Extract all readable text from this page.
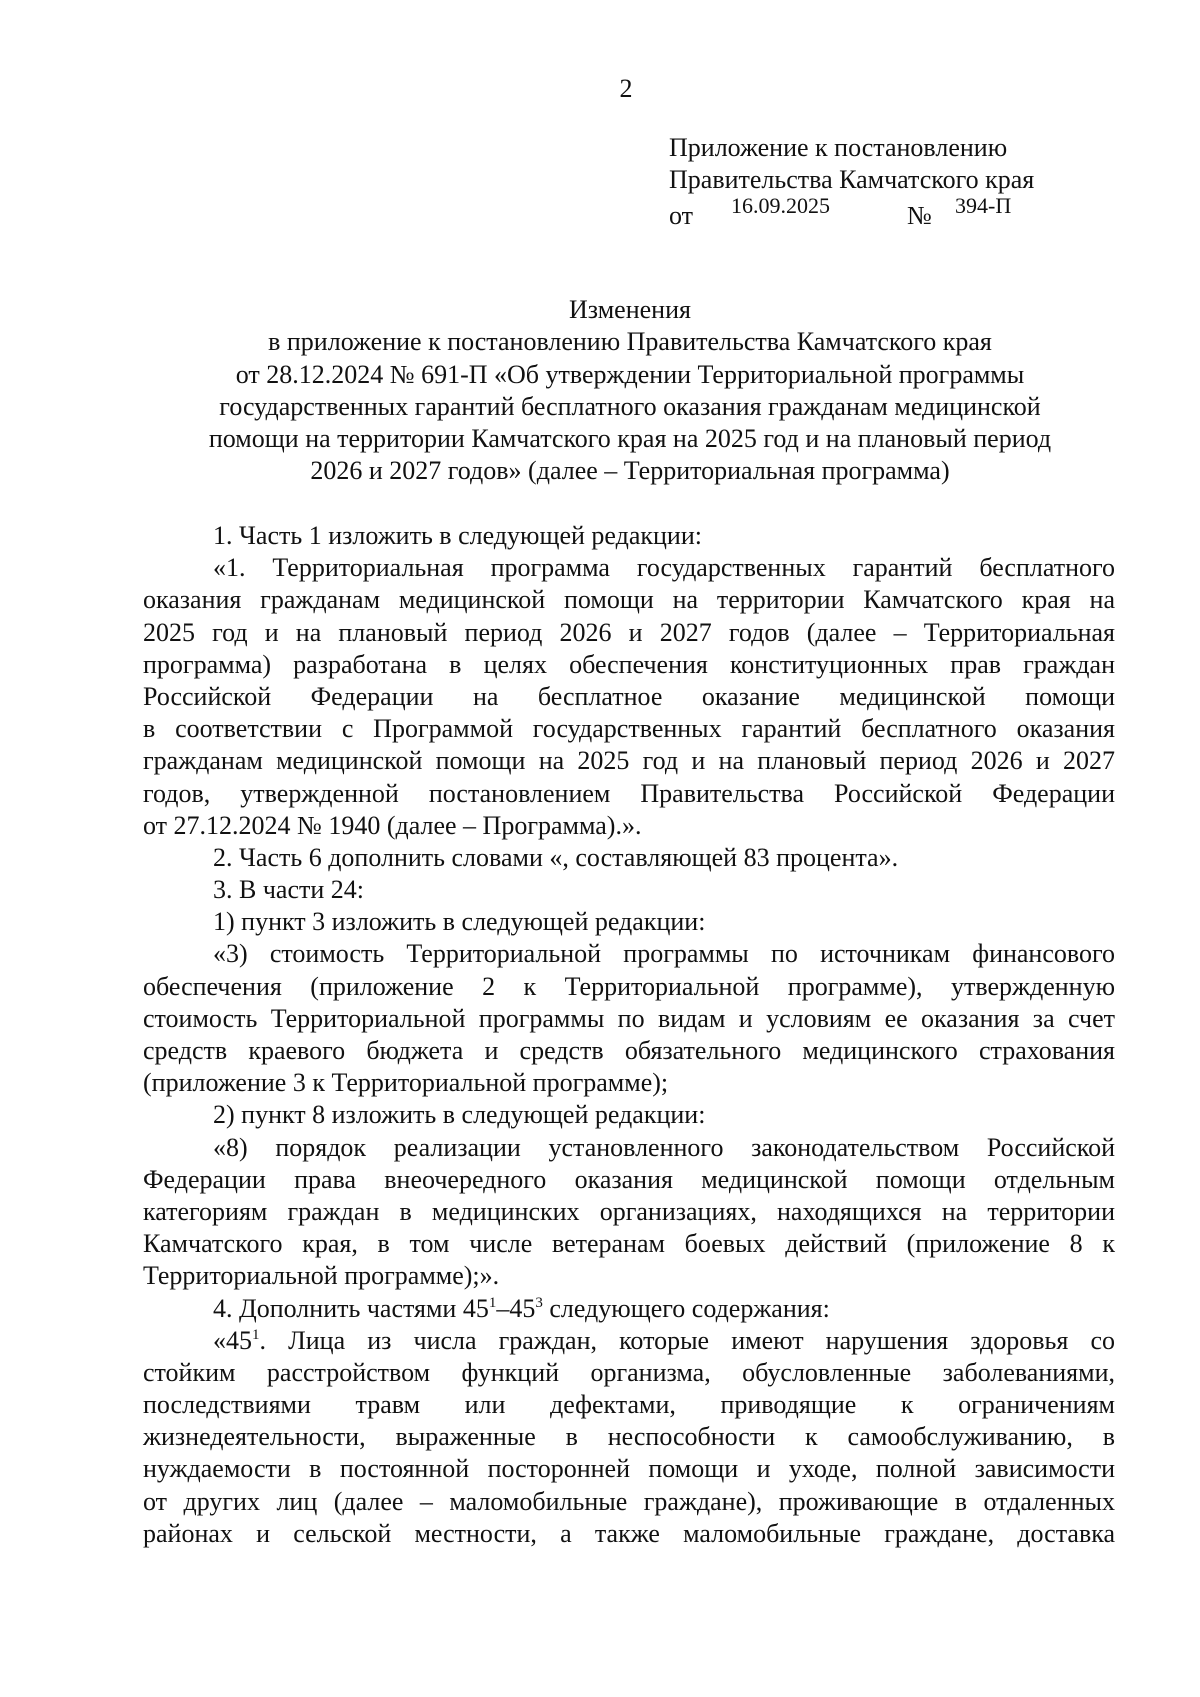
2
Приложение к постановлению
Правительства Камчатского края
от 16.09.2025	№ 394-П
Изменения
в приложение к постановлению Правительства Камчатского края
от 28.12.2024 № 691-П «Об утверждении Территориальной программы
государственных гарантий бесплатного оказания гражданам медицинской
помощи на территории Камчатского края на 2025 год и на плановый период
2026 и 2027 годов» (далее – Территориальная программа)
1. Часть 1 изложить в следующей редакции:
«1. Территориальная программа государственных гарантий бесплатного
оказания гражданам медицинской помощи на территории Камчатского края на
2025 год и на плановый период 2026 и 2027 годов (далее – Территориальная
программа) разработана в целях обеспечения конституционных прав граждан
Российской Федерации на бесплатное оказание медицинской помощи
в соответствии с Программой государственных гарантий бесплатного оказания
гражданам медицинской помощи на 2025 год и на плановый период 2026 и 2027
годов, утвержденной постановлением Правительства Российской Федерации
от 27.12.2024 № 1940 (далее – Программа).».
2. Часть 6 дополнить словами «, составляющей 83 процента».
3. В части 24:
1) пункт 3 изложить в следующей редакции:
«3) стоимость Территориальной программы по источникам финансового
обеспечения (приложение 2 к Территориальной программе), утвержденную
стоимость Территориальной программы по видам и условиям ее оказания за счет
средств краевого бюджета и средств обязательного медицинского страхования
(приложение 3 к Территориальной программе);
2) пункт 8 изложить в следующей редакции:
«8) порядок реализации установленного законодательством Российской
Федерации права внеочередного оказания медицинской помощи отдельным
категориям граждан в медицинских организациях, находящихся на территории
Камчатского края, в том числе ветеранам боевых действий (приложение 8 к
Территориальной программе);».
4. Дополнить частями $45^1-45^3$ следующего содержания:
«$45^1$. Лица из числа граждан, которые имеют нарушения здоровья со
стойким расстройством функций организма, обусловленные заболеваниями,
последствиями травм или дефектами, приводящие к ограничениям
жизнедеятельности, выраженные в неспособности к самообслуживанию, в
нуждаемости в постоянной посторонней помощи и уходе, полной зависимости
от других лиц (далее – маломобильные граждане), проживающие в отдаленных
районах и сельской местности, а также маломобильные граждане, доставка
